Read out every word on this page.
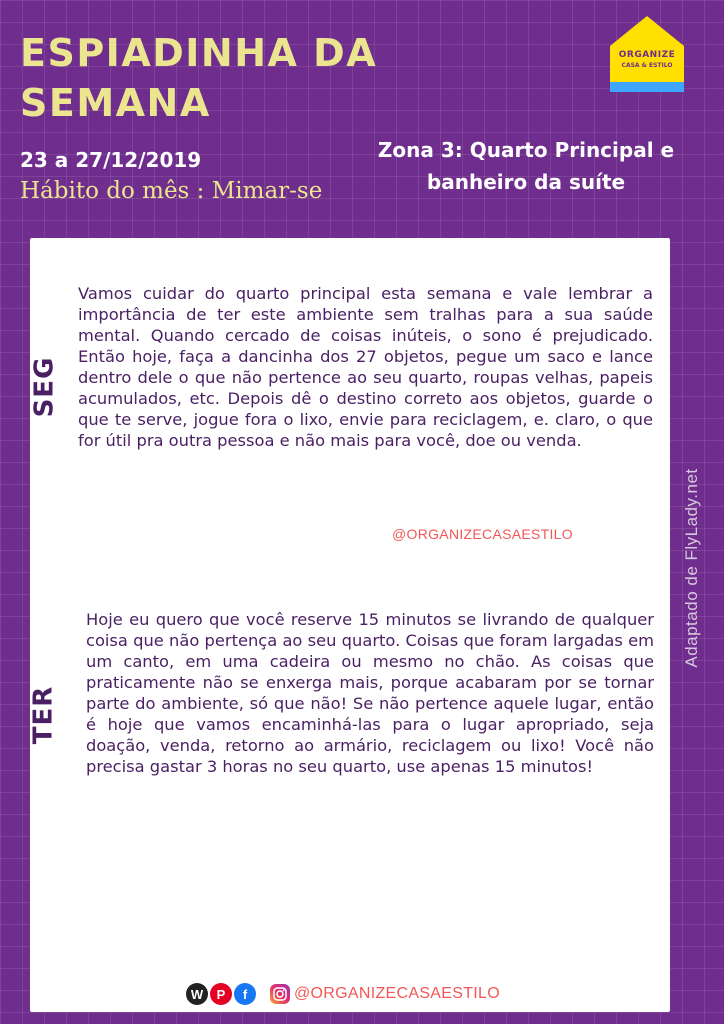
ESPIADINHA DA
SEMANA
23 a 27/12/2019
Hábito do mês : Mimar-se
Zona 3: Quarto Principal e
banheiro da suíte
ORGANIZE
CASA & ESTILO
SEG

Vamos cuidar do quarto principal esta semana e vale lembrar a importância de ter este ambiente sem tralhas para a sua saúde mental. Quando cercado de coisas inúteis, o sono é prejudicado. Então hoje, faça a dancinha dos 27 objetos, pegue um saco e lance dentro dele o que não pertence ao seu quarto, roupas velhas, papeis acumulados, etc. Depois dê o destino correto aos objetos, guarde o que te serve, jogue fora o lixo, envie para reciclagem, e. claro, o que for útil pra outra pessoa e não mais para você, doe ou venda.

@ORGANIZECASAESTILO
TER

Hoje eu quero que você reserve 15 minutos se livrando de qualquer coisa que não pertença ao seu quarto. Coisas que foram largadas em um canto, em uma cadeira ou mesmo no chão. As coisas que praticamente não se enxerga mais, porque acabaram por se tornar parte do ambiente, só que não! Se não pertence aquele lugar, então é hoje que vamos encaminhá-las para o lugar apropriado, seja doação, venda, retorno ao armário, reciclagem ou lixo! Você não precisa gastar 3 horas no seu quarto, use apenas 15 minutos!

Adaptado de FlyLady.net
W	P	f	@ORGANIZECASAESTILO
